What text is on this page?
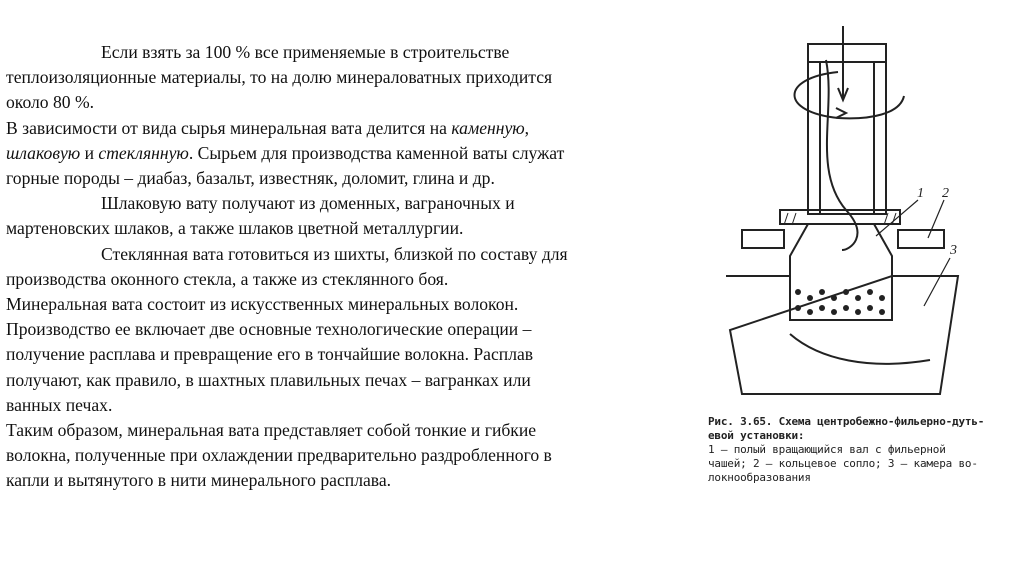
Если взять за 100 % все применяемые в строительстве

теплоизоляционные материалы, то на долю минераловатных приходится

около 80 %.

В зависимости от вида сырья минеральная вата делится на каменную,

шлаковую и стеклянную. Сырьем для производства каменной ваты служат

горные породы – диабаз, базальт, известняк, доломит, глина и др.

Шлаковую вату получают из доменных, ваграночных и

мартеновских шлаков, а также шлаков цветной металлургии.

Стеклянная вата готовиться из шихты, близкой по составу для

производства оконного стекла, а также из стеклянного боя.

Минеральная вата состоит из искусственных минеральных волокон.

Производство ее включает две основные технологические операции –

получение расплава и превращение его в тончайшие волокна. Расплав

получают, как правило, в шахтных плавильных печах – вагранках или

ванных печах.

Таким образом, минеральная вата представляет собой тонкие и гибкие

волокна, полученные при охлаждении предварительно раздробленного в

капли и вытянутого в нити минерального расплава.

1 2
3
Рис. 3.65. Схема центробежно-фильерно-дуть-
евой установки:
1 — полый вращающийся вал с фильерной
чашей; 2 — кольцевое сопло; 3 — камера во-
локнообразования
